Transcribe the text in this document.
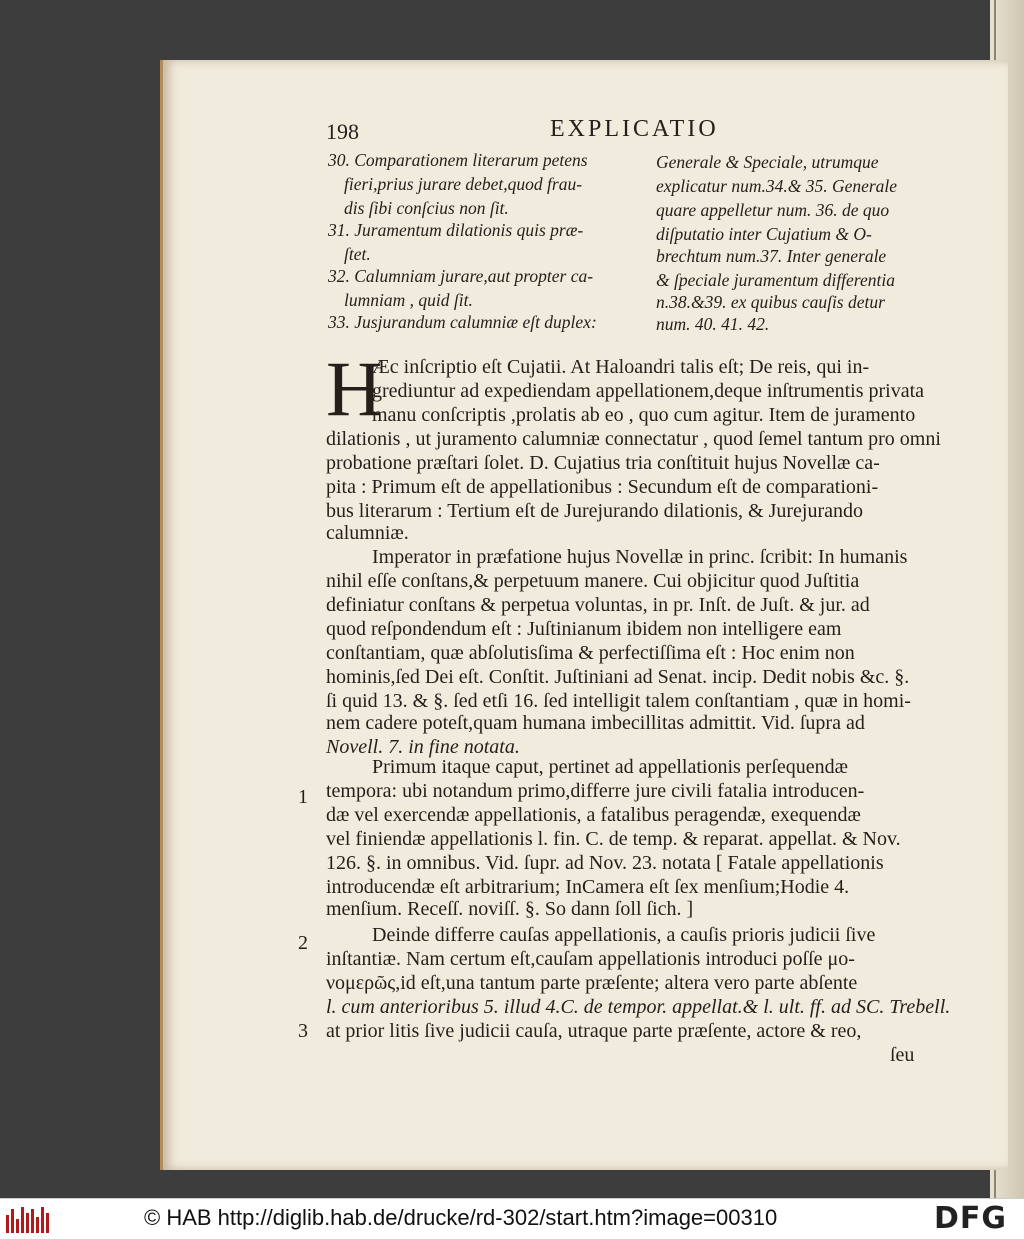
198	EXPLICATIO
30. Comparationem literarum petens
fieri,prius jurare debet,quod frau-
dis ſibi conſcius non ſit.
31. Juramentum dilationis quis præ-
ſtet.
32. Calumniam jurare,aut propter ca-
lumniam , quid ſit.
33. Jusjurandum calumniæ eſt duplex:
Generale & Speciale, utrumque
explicatur num.34.& 35. Generale
quare appelletur num. 36. de quo
diſputatio inter Cujatium & O-
brechtum num.37. Inter generale
& ſpeciale juramentum differentia
n.38.&39. ex quibus cauſis detur
num. 40. 41. 42.
H
Æc inſcriptio eſt Cujatii. At Haloandri talis eſt; De reis, qui in-
grediuntur ad expediendam appellationem,deque inſtrumentis privata
manu conſcriptis ,prolatis ab eo , quo cum agitur. Item de juramento
dilationis , ut juramento calumniæ connectatur , quod ſemel tantum pro omni
probatione præſtari ſolet. D. Cujatius tria conſtituit hujus Novellæ ca-
pita : Primum eſt de appellationibus : Secundum eſt de comparationi-
bus literarum : Tertium eſt de Jurejurando dilationis, & Jurejurando
calumniæ.
Imperator in præfatione hujus Novellæ in princ. ſcribit: In humanis
nihil eſſe conſtans,& perpetuum manere. Cui objicitur quod Juſtitia
definiatur conſtans & perpetua voluntas, in pr. Inſt. de Juſt. & jur. ad
quod reſpondendum eſt : Juſtinianum ibidem non intelligere eam
conſtantiam, quæ abſolutisſima & perfectiſſima eſt : Hoc enim non
hominis,ſed Dei eſt. Conſtit. Juſtiniani ad Senat. incip. Dedit nobis &c. §.
ſi quid 13. & §. ſed etſi 16. ſed intelligit talem conſtantiam , quæ in homi-
nem cadere poteſt,quam humana imbecillitas admittit. Vid. ſupra ad
Novell. 7. in fine notata.
Primum itaque caput, pertinet ad appellationis perſequendæ
tempora: ubi notandum primo,differre jure civili fatalia introducen-
dæ vel exercendæ appellationis, a fatalibus peragendæ, exequendæ
vel finiendæ appellationis l. fin. C. de temp. & reparat. appellat. & Nov.
126. §. in omnibus. Vid. ſupr. ad Nov. 23. notata [ Fatale appellationis
introducendæ eſt arbitrarium; InCamera eſt ſex menſium;Hodie 4.
menſium. Receſſ. noviſſ. §. So dann ſoll ſich. ]
Deinde differre cauſas appellationis, a cauſis prioris judicii ſive
inſtantiæ. Nam certum eſt,cauſam appellationis introduci poſſe μο-
νομερῶς,id eſt,una tantum parte præſente; altera vero parte abſente
l. cum anterioribus 5. illud 4.C. de tempor. appellat.& l. ult. ff. ad SC. Trebell.
at prior litis ſive judicii cauſa, utraque parte præſente, actore & reo,
ſeu
1
2
3
© HAB http://diglib.hab.de/drucke/rd-302/start.htm?image=00310	DFG
